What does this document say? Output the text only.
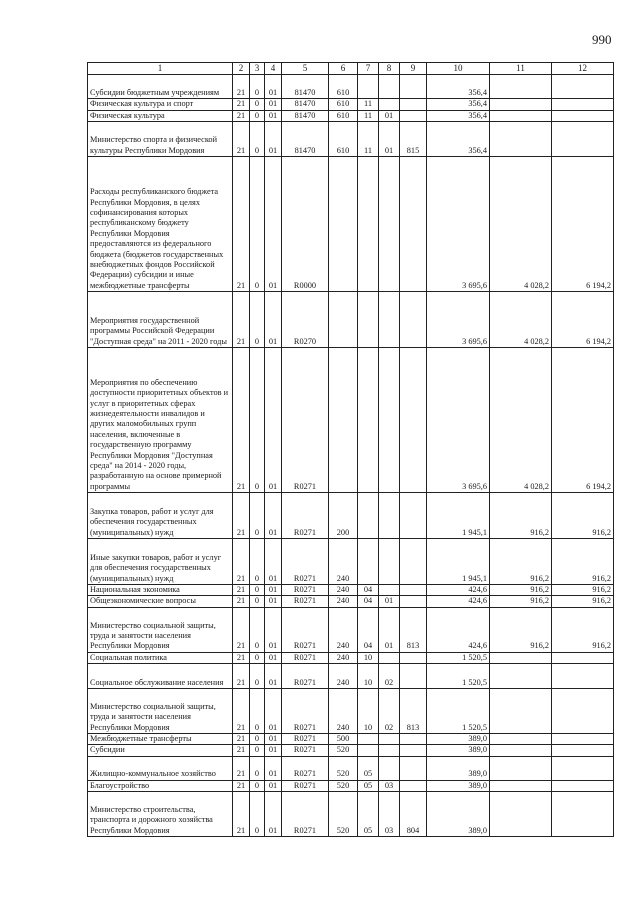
990
1	2	3	4	5	6	7	8	9	10	11	12
Субсидии бюджетным учреждениям	21	0	01	81470	610				356,4		
Физическая культура и спорт	21	0	01	81470	610	11			356,4		
Физическая культура	21	0	01	81470	610	11	01		356,4		
Министерство спорта и физической культуры Республики Мордовия	21	0	01	81470	610	11	01	815	356,4		
Расходы республиканского бюджета Республики Мордовия, в целях софинансирования которых республиканскому бюджету Республики Мордовия предоставляются из федерального бюджета (бюджетов государственных внебюджетных фондов Российской Федерации) субсидии и иные межбюджетные трансферты	21	0	01	R0000					3 695,6	4 028,2	6 194,2
Мероприятия государственной программы Российской Федерации "Доступная среда" на 2011 - 2020 годы	21	0	01	R0270					3 695,6	4 028,2	6 194,2
Мероприятия по обеспечению доступности приоритетных объектов и услуг в приоритетных сферах жизнедеятельности инвалидов и других маломобильных групп населения, включенные в государственную программу Республики Мордовия "Доступная среда" на 2014 - 2020 годы, разработанную на основе примерной программы	21	0	01	R0271					3 695,6	4 028,2	6 194,2
Закупка товаров, работ и услуг для обеспечения государственных (муниципальных) нужд	21	0	01	R0271	200				1 945,1	916,2	916,2
Иные закупки товаров, работ и услуг для обеспечения государственных (муниципальных) нужд	21	0	01	R0271	240				1 945,1	916,2	916,2
Национальная экономика	21	0	01	R0271	240	04			424,6	916,2	916,2
Общеэкономические вопросы	21	0	01	R0271	240	04	01		424,6	916,2	916,2
Министерство социальной защиты, труда и занятости населения Республики Мордовия	21	0	01	R0271	240	04	01	813	424,6	916,2	916,2
Социальная политика	21	0	01	R0271	240	10			1 520,5		
Социальное обслуживание населения	21	0	01	R0271	240	10	02		1 520,5		
Министерство социальной защиты, труда и занятости населения Республики Мордовия	21	0	01	R0271	240	10	02	813	1 520,5		
Межбюджетные трансферты	21	0	01	R0271	500				389,0		
Субсидии	21	0	01	R0271	520				389,0		
Жилищно-коммунальное хозяйство	21	0	01	R0271	520	05			389,0		
Благоустройство	21	0	01	R0271	520	05	03		389,0		
Министерство строительства, транспорта и дорожного хозяйства Республики Мордовия	21	0	01	R0271	520	05	03	804	389,0		
